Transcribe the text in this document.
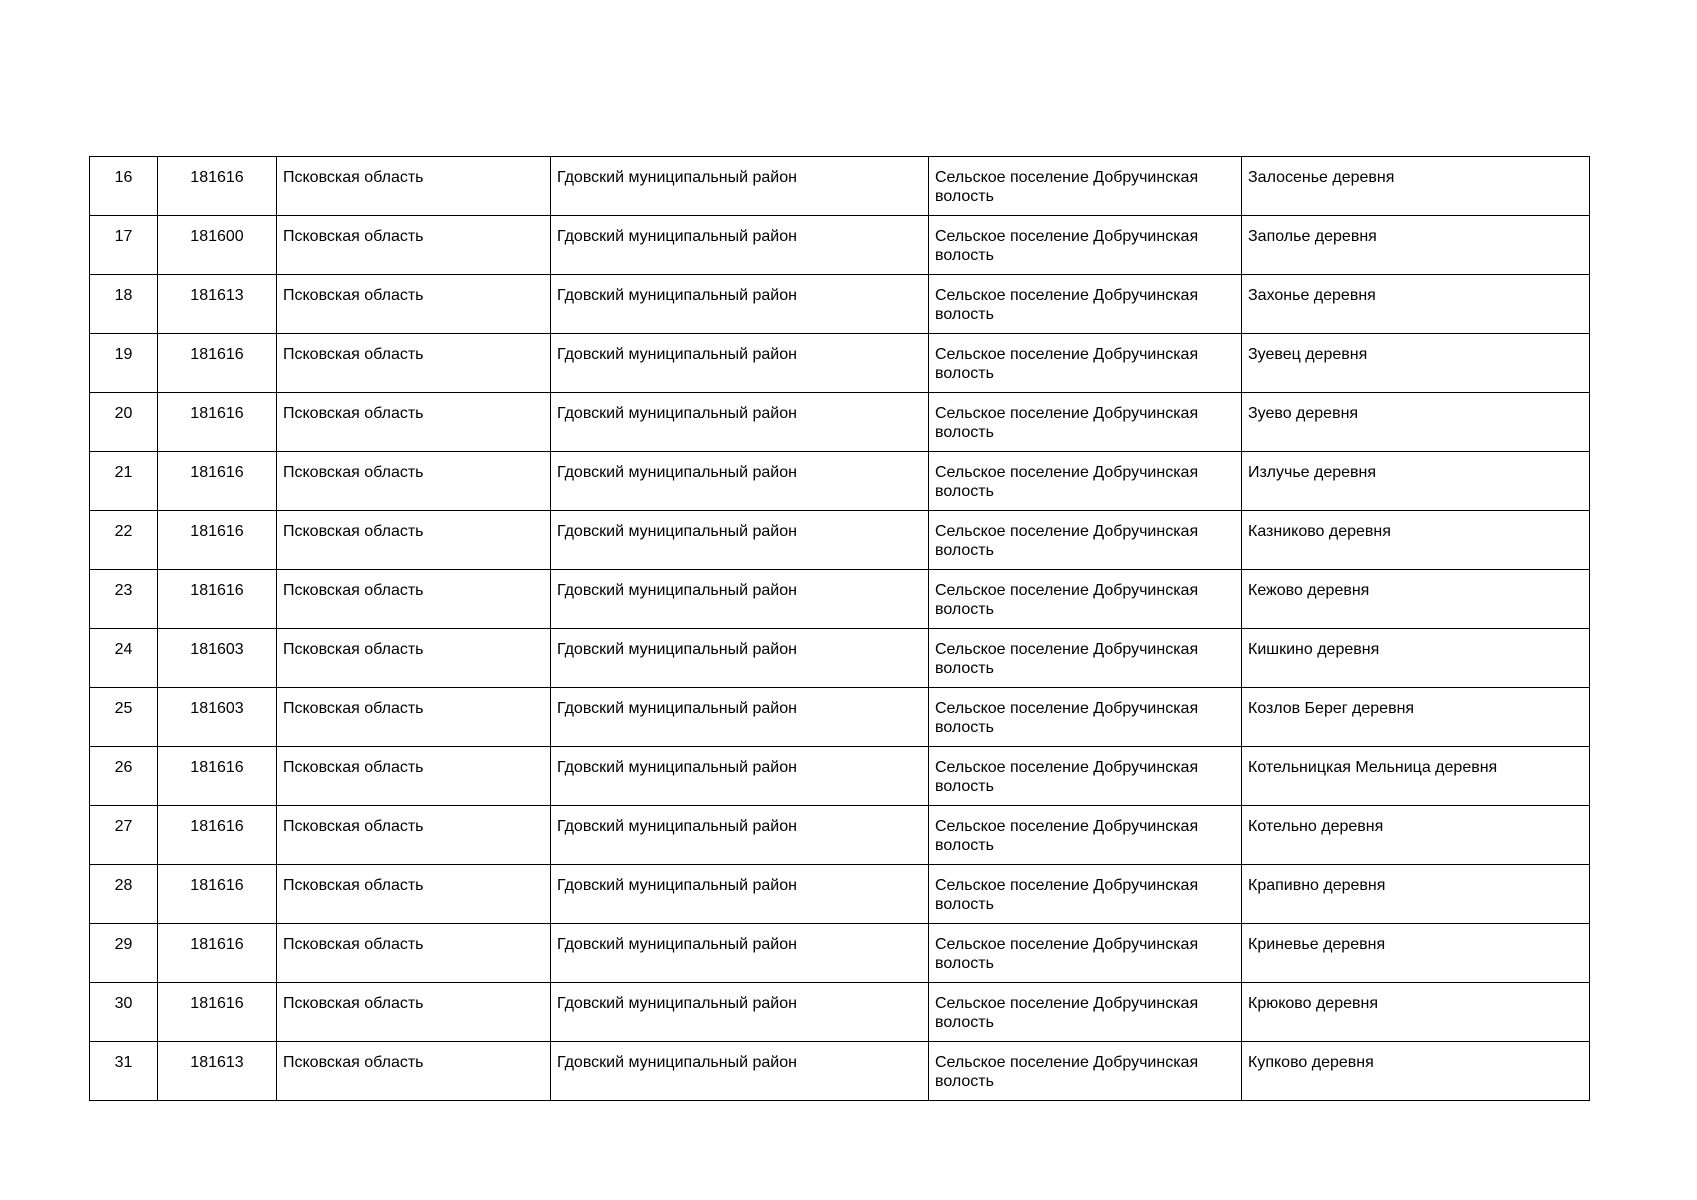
16	181616	Псковская область	Гдовский муниципальный район	Сельское поселение Добручинская волость	Залосенье деревня

17	181600	Псковская область	Гдовский муниципальный район	Сельское поселение Добручинская волость	Заполье деревня

18	181613	Псковская область	Гдовский муниципальный район	Сельское поселение Добручинская волость	Захонье деревня

19	181616	Псковская область	Гдовский муниципальный район	Сельское поселение Добручинская волость	Зуевец деревня

20	181616	Псковская область	Гдовский муниципальный район	Сельское поселение Добручинская волость	Зуево деревня

21	181616	Псковская область	Гдовский муниципальный район	Сельское поселение Добручинская волость	Излучье деревня

22	181616	Псковская область	Гдовский муниципальный район	Сельское поселение Добручинская волость	Казниково деревня

23	181616	Псковская область	Гдовский муниципальный район	Сельское поселение Добручинская волость	Кежово деревня

24	181603	Псковская область	Гдовский муниципальный район	Сельское поселение Добручинская волость	Кишкино деревня

25	181603	Псковская область	Гдовский муниципальный район	Сельское поселение Добручинская волость	Козлов Берег деревня

26	181616	Псковская область	Гдовский муниципальный район	Сельское поселение Добручинская волость	Котельницкая Мельница деревня

27	181616	Псковская область	Гдовский муниципальный район	Сельское поселение Добручинская волость	Котельно деревня

28	181616	Псковская область	Гдовский муниципальный район	Сельское поселение Добручинская волость	Крапивно деревня

29	181616	Псковская область	Гдовский муниципальный район	Сельское поселение Добручинская волость	Криневье деревня

30	181616	Псковская область	Гдовский муниципальный район	Сельское поселение Добручинская волость	Крюково деревня

31	181613	Псковская область	Гдовский муниципальный район	Сельское поселение Добручинская волость	Купково деревня
